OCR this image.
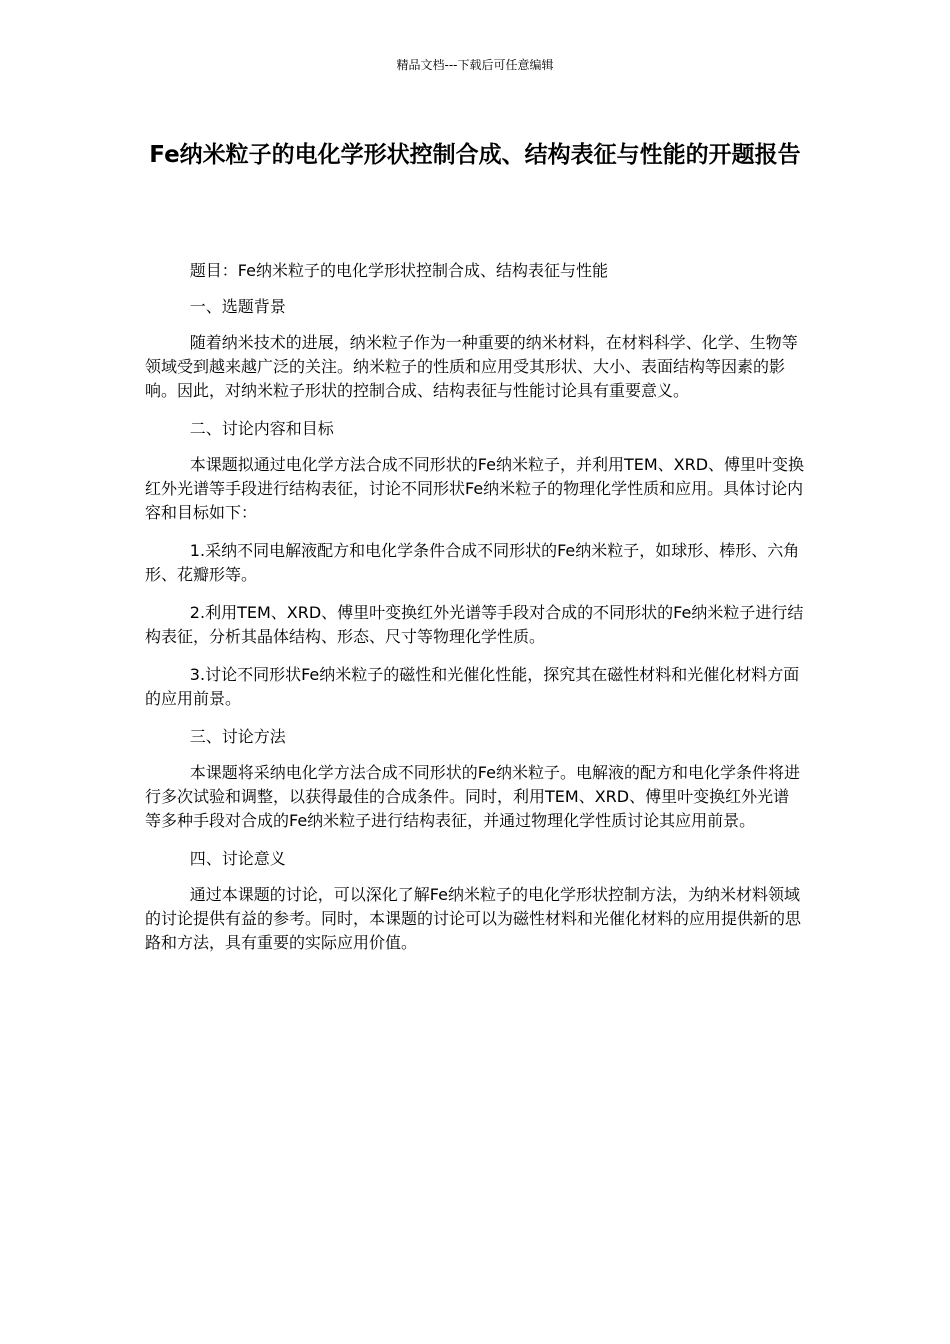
精品文档---下载后可任意编辑
Fe纳米粒子的电化学形状控制合成、结构表征与性能的开题报告

题目：Fe纳米粒子的电化学形状控制合成、结构表征与性能

一、选题背景

随着纳米技术的进展，纳米粒子作为一种重要的纳米材料，在材料科学、化学、生物等领域受到越来越广泛的关注。纳米粒子的性质和应用受其形状、大小、表面结构等因素的影响。因此，对纳米粒子形状的控制合成、结构表征与性能讨论具有重要意义。

二、讨论内容和目标

本课题拟通过电化学方法合成不同形状的Fe纳米粒子，并利用TEM、XRD、傅里叶变换红外光谱等手段进行结构表征，讨论不同形状Fe纳米粒子的物理化学性质和应用。具体讨论内容和目标如下：

1.采纳不同电解液配方和电化学条件合成不同形状的Fe纳米粒子，如球形、棒形、六角形、花瓣形等。

2.利用TEM、XRD、傅里叶变换红外光谱等手段对合成的不同形状的Fe纳米粒子进行结构表征，分析其晶体结构、形态、尺寸等物理化学性质。

3.讨论不同形状Fe纳米粒子的磁性和光催化性能，探究其在磁性材料和光催化材料方面的应用前景。

三、讨论方法

本课题将采纳电化学方法合成不同形状的Fe纳米粒子。电解液的配方和电化学条件将进行多次试验和调整，以获得最佳的合成条件。同时，利用TEM、XRD、傅里叶变换红外光谱等多种手段对合成的Fe纳米粒子进行结构表征，并通过物理化学性质讨论其应用前景。

四、讨论意义

通过本课题的讨论，可以深化了解Fe纳米粒子的电化学形状控制方法，为纳米材料领域的讨论提供有益的参考。同时，本课题的讨论可以为磁性材料和光催化材料的应用提供新的思路和方法，具有重要的实际应用价值。
